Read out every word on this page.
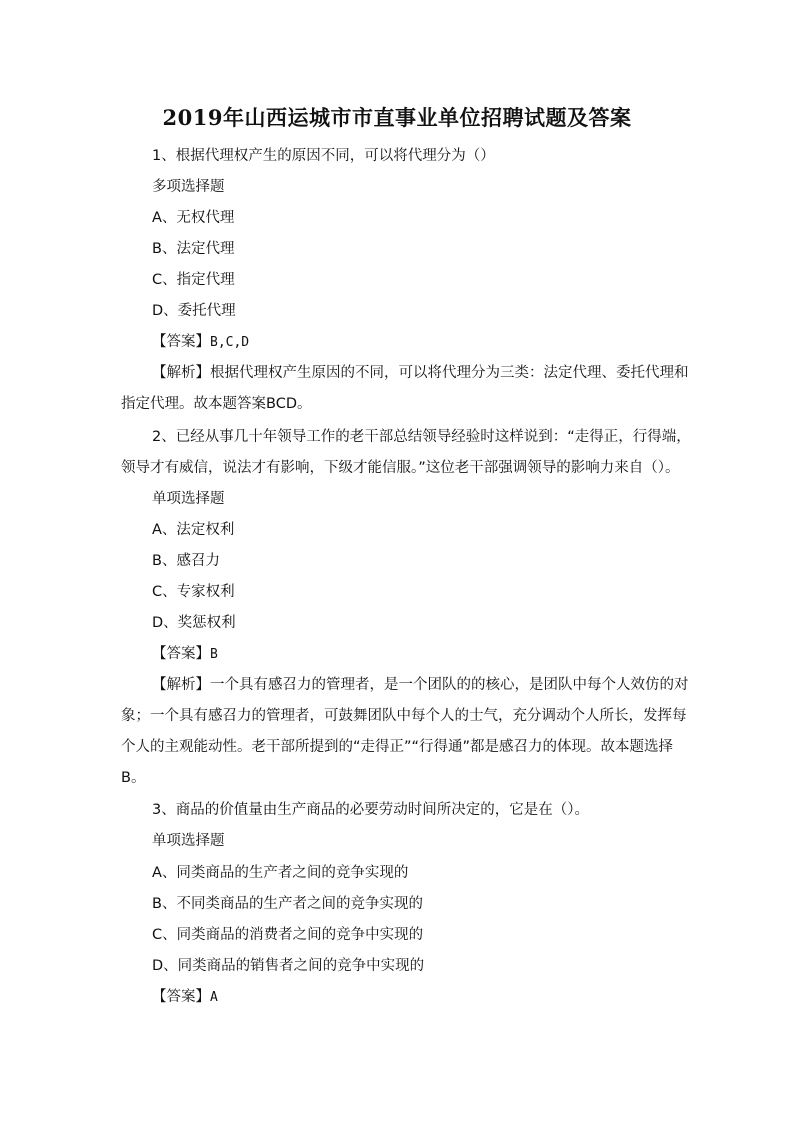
2019年山西运城市市直事业单位招聘试题及答案
1、根据代理权产生的原因不同，可以将代理分为（）
多项选择题
A、无权代理
B、法定代理
C、指定代理
D、委托代理
【答案】B,C,D
【解析】根据代理权产生原因的不同，可以将代理分为三类：法定代理、委托代理和
指定代理。故本题答案BCD。
2、已经从事几十年领导工作的老干部总结领导经验时这样说到：“走得正，行得端，
领导才有威信，说法才有影响，下级才能信服。”这位老干部强调领导的影响力来自（）。
单项选择题
A、法定权利
B、感召力
C、专家权利
D、奖惩权利
【答案】B
【解析】一个具有感召力的管理者，是一个团队的的核心，是团队中每个人效仿的对
象；一个具有感召力的管理者，可鼓舞团队中每个人的士气，充分调动个人所长，发挥每
个人的主观能动性。老干部所提到的“走得正”“行得通”都是感召力的体现。故本题选择
B。
3、商品的价值量由生产商品的必要劳动时间所决定的，它是在（）。
单项选择题
A、同类商品的生产者之间的竞争实现的
B、不同类商品的生产者之间的竞争实现的
C、同类商品的消费者之间的竞争中实现的
D、同类商品的销售者之间的竞争中实现的
【答案】A
